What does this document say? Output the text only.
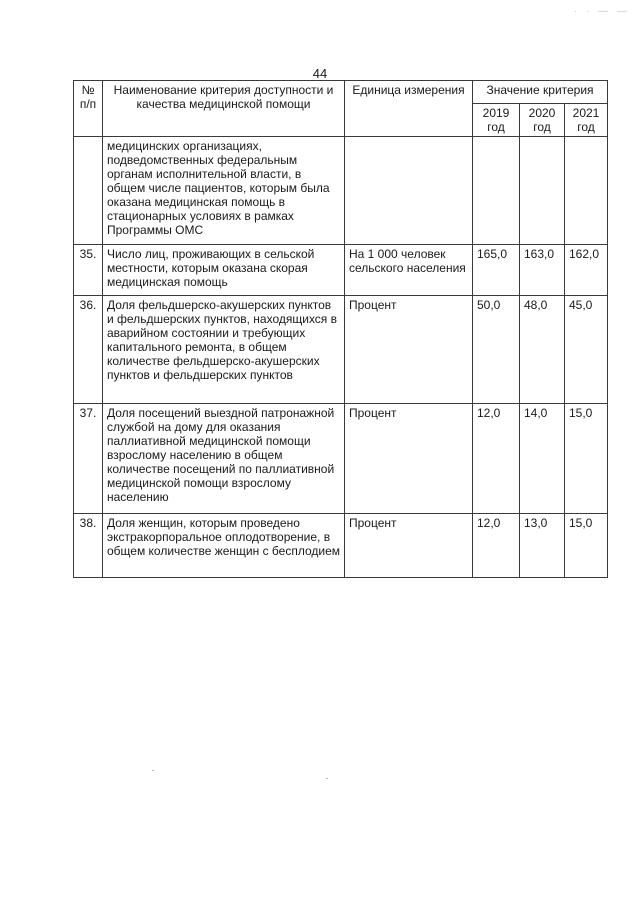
· · — —
44
№
п/п	Наименование критерия доступности и качества медицинской помощи	Единица измерения	Значение критерия		
			2019 год	2020 год	2021 год
	медицинских организациях, подведомственных федеральным органам исполнительной власти, в общем числе пациентов, которым была оказана медицинская помощь в стационарных условиях в рамках Программы ОМС				
35.	Число лиц, проживающих в сельской местности, которым оказана скорая медицинская помощь	На 1 000 человек сельского населения	165,0	163,0	162,0
36.	Доля фельдшерско-акушерских пунктов и фельдшерских пунктов, находящихся в аварийном состоянии и требующих капитального ремонта, в общем количестве фельдшерско-акушерских пунктов и фельдшерских пунктов	Процент	50,0	48,0	45,0
37.	Доля посещений выездной патронажной службой на дому для оказания паллиативной медицинской помощи взрослому населению в общем количестве посещений по паллиативной медицинской помощи взрослому населению	Процент	12,0	14,0	15,0
38.	Доля женщин, которым проведено экстракорпоральное оплодотворение, в общем количестве женщин с бесплодием	Процент	12,0	13,0	15,0
